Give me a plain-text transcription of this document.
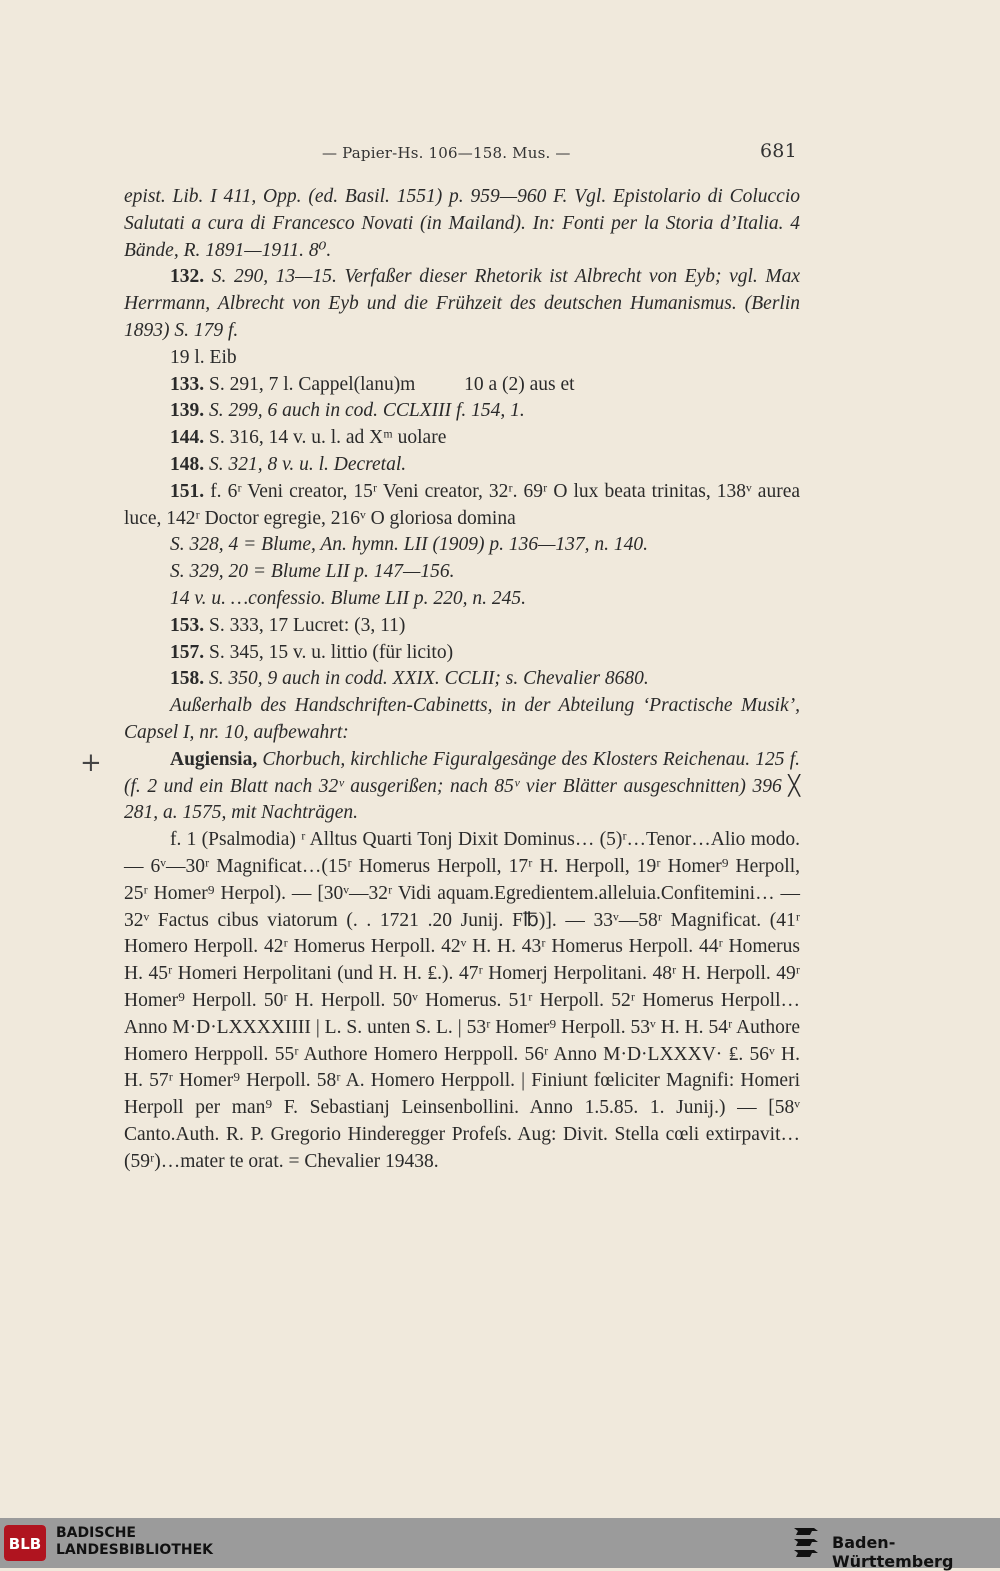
— Papier-Hs. 106—158. Mus. —	681

epist. Lib. I 411, Opp. (ed. Basil. 1551) p. 959—960 F. Vgl. Epistolario di Coluccio Salutati a cura di Francesco Novati (in Mailand). In: Fonti per la Storia d’Italia. 4 Bände, R. 1891—1911. 8⁰.

132. S. 290, 13—15. Verfaßer dieser Rhetorik ist Albrecht von Eyb; vgl. Max Herrmann, Albrecht von Eyb und die Frühzeit des deutschen Humanismus. (Berlin 1893) S. 179 f.

19 l. Eib

133. S. 291, 7 l. Cappel(lanu)m          10 a (2) aus et

139. S. 299, 6 auch in cod. CCLXIII f. 154, 1.

144. S. 316, 14 v. u. l. ad Xᵐ uolare

148. S. 321, 8 v. u. l. Decretal.

151. f. 6ʳ Veni creator, 15ʳ Veni creator, 32ʳ. 69ʳ O lux beata trinitas, 138ᵛ aurea luce, 142ʳ Doctor egregie, 216ᵛ O gloriosa domina

S. 328, 4 = Blume, An. hymn. LII (1909) p. 136—137, n. 140.

S. 329, 20 = Blume LII p. 147—156.

14 v. u. …confessio. Blume LII p. 220, n. 245.

153. S. 333, 17 Lucret: (3, 11)

157. S. 345, 15 v. u. littio (für licito)

158. S. 350, 9 auch in codd. XXIX. CCLII; s. Chevalier 8680.

Außerhalb des Handschriften-Cabinetts, in der Abteilung ‘Practische Musik’, Capsel I, nr. 10, aufbewahrt:

Augiensia, Chorbuch, kirchliche Figuralgesänge des Klosters Reichenau. 125 f. (f. 2 und ein Blatt nach 32ᵛ ausgerißen; nach 85ᵛ vier Blätter ausgeschnitten) 396 ╳ 281, a. 1575, mit Nachträgen.

f. 1 (Psalmodia) ʳ Alltus Quarti Tonj Dixit Dominus… (5)ʳ…Tenor…Alio modo. — 6ᵛ—30ʳ Magnificat…(15ʳ Homerus Herpoll, 17ʳ H. Herpoll, 19ʳ Homer⁹ Herpoll, 25ʳ Homer⁹ Herpol). — [30ᵛ—32ʳ Vidi aquam.Egredientem.alleluia.Confitemini… — 32ᵛ Factus cibus viatorum (. . 1721 .20 Junij. F℔)]. — 33ᵛ—58ʳ Magnificat. (41ʳ Homero Herpoll. 42ʳ Homerus Herpoll. 42ᵛ H. H. 43ʳ Homerus Herpoll. 44ʳ Homerus H. 45ʳ Homeri Herpolitani (und H. H. ₤.). 47ʳ Homerj Herpolitani. 48ʳ H. Herpoll. 49ʳ Homer⁹ Herpoll. 50ʳ H. Herpoll. 50ᵛ Homerus. 51ʳ Herpoll. 52ʳ Homerus Herpoll…Anno M·D·LXXXXIIII | L. S. unten S. L. | 53ʳ Homer⁹ Herpoll. 53ᵛ H. H. 54ʳ Authore Homero Herppoll. 55ʳ Authore Homero Herppoll. 56ʳ Anno M·D·LXXXV· ₤. 56ᵛ H. H. 57ʳ Homer⁹ Herpoll. 58ʳ A. Homero Herppoll. | Finiunt fœliciter Magnifi: Homeri Herpoll per man⁹ F. Sebastianj Leinsenbollini. Anno 1.5.85. 1. Junij.) — [58ᵛ Canto.Auth. R. P. Gregorio Hinderegger Profeſs. Aug: Divit. Stella cœli extirpavit…(59ʳ)…mater te orat. = Chevalier 19438.

+
BLB
BADISCHE
LANDESBIBLIOTHEK	Baden-Württemberg
